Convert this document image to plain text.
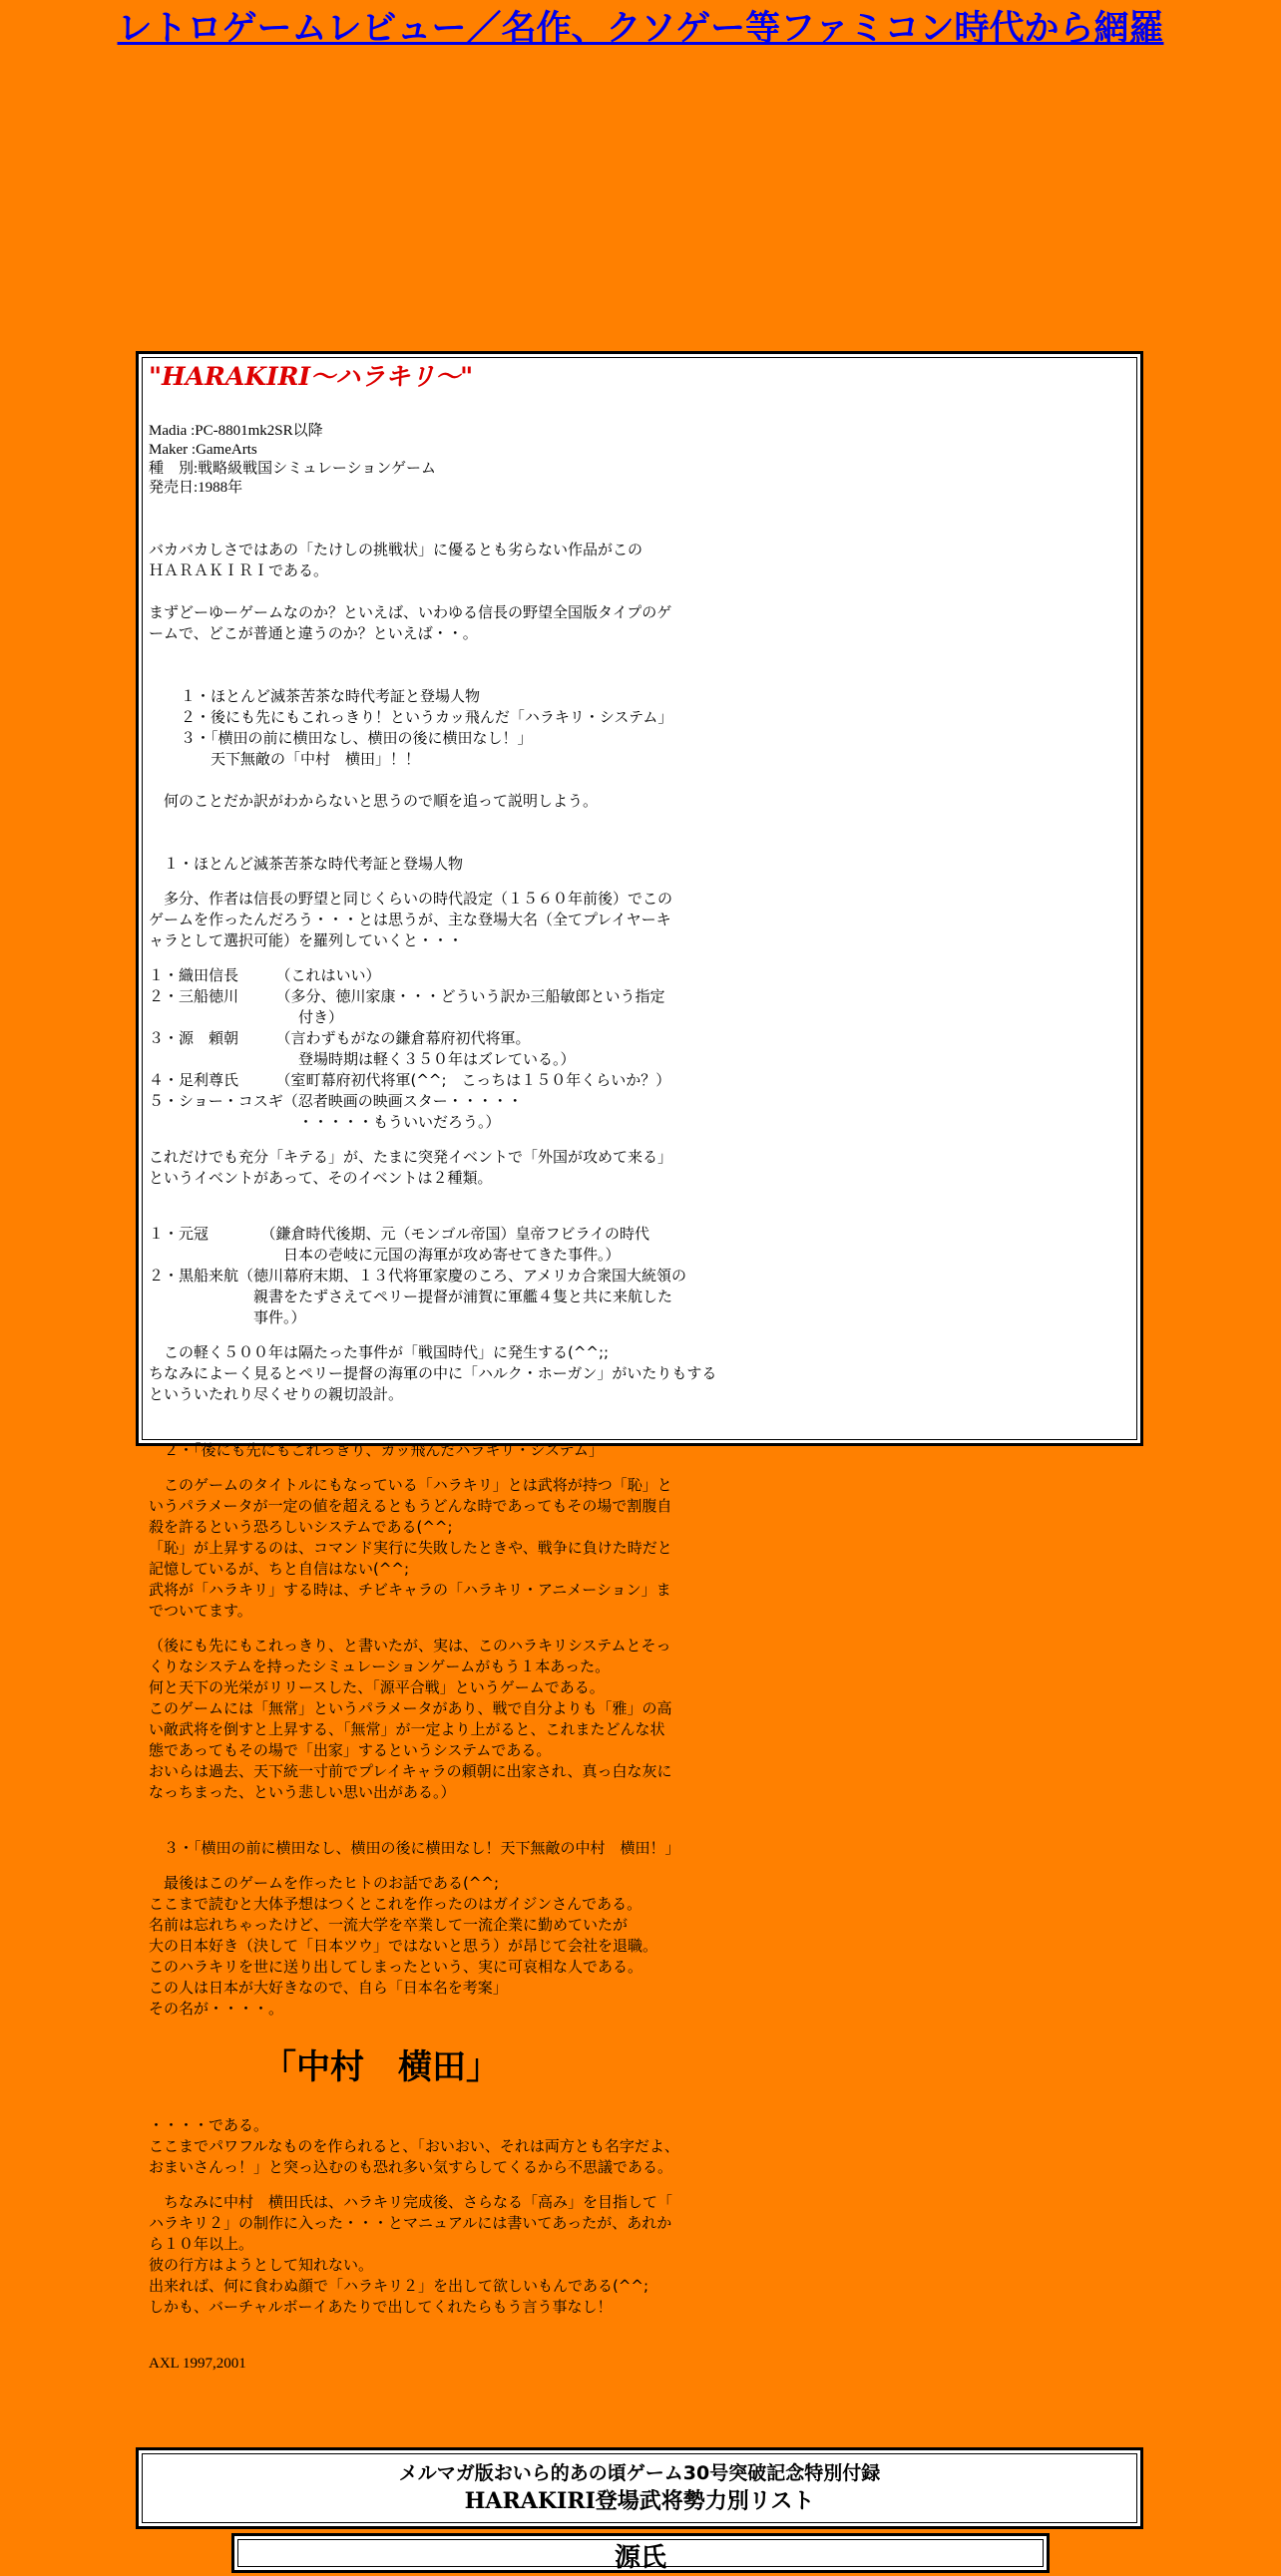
レトロゲームレビュー／名作、クソゲー等ファミコン時代から網羅
"HARAKIRI～ハラキリ～"
Madia :PC-8801mk2SR以降
Maker :GameArts
種　別:戦略級戦国シミュレーションゲーム
発売日:1988年
バカバカしさではあの「たけしの挑戦状」に優るとも劣らない作品がこの
ＨＡＲＡＫＩＲＩである。
まずどーゆーゲームなのか？といえば、いわゆる信長の野望全国版タイプのゲ
ームで、どこが普通と違うのか？といえば・・。
１・ほとんど滅茶苦茶な時代考証と登場人物
２・後にも先にもこれっきり！というカッ飛んだ「ハラキリ・システム」
３・「横田の前に横田なし、横田の後に横田なし！」
　　天下無敵の「中村　横田」！！
　何のことだか訳がわからないと思うので順を追って説明しよう。
　１・ほとんど滅茶苦茶な時代考証と登場人物
　多分、作者は信長の野望と同じくらいの時代設定（１５６０年前後）でこの
ゲームを作ったんだろう・・・とは思うが、主な登場大名（全てプレイヤーキ
ャラとして選択可能）を羅列していくと・・・
１・織田信長　　　（これはいい）
２・三船徳川　　　（多分、徳川家康・・・どういう訳か三船敏郎という指定
　　　　　　　　　　付き）
３・源　頼朝　　　（言わずもがなの鎌倉幕府初代将軍。
　　　　　　　　　　登場時期は軽く３５０年はズレている。）
４・足利尊氏　　　（室町幕府初代将軍(^^;　こっちは１５０年くらいか？）
５・ショー・コスギ（忍者映画の映画スター・・・・・
　　　　　　　　　　・・・・・もういいだろう。）
これだけでも充分「キテる」が、たまに突発イベントで「外国が攻めて来る」
というイベントがあって、そのイベントは２種類。
１・元冦　　　　（鎌倉時代後期、元（モンゴル帝国）皇帝フビライの時代
　　　　　　　　　日本の壱岐に元国の海軍が攻め寄せてきた事件。）
２・黒船来航（徳川幕府末期、１３代将軍家慶のころ、アメリカ合衆国大統領の
　　　　　　　親書をたずさえてペリー提督が浦賀に軍艦４隻と共に来航した
　　　　　　　事件。）
　この軽く５００年は隔たった事件が「戦国時代」に発生する(^^;;
ちなみによーく見るとペリー提督の海軍の中に「ハルク・ホーガン」がいたりもする
といういたれり尽くせりの親切設計。
　２・「後にも先にもこれっきり、カッ飛んだハラキリ・システム」
　このゲームのタイトルにもなっている「ハラキリ」とは武将が持つ「恥」と
いうパラメータが一定の値を超えるともうどんな時であってもその場で割腹自
殺を許るという恐ろしいシステムである(^^;
「恥」が上昇するのは、コマンド実行に失敗したときや、戦争に負けた時だと
記憶しているが、ちと自信はない(^^;
武将が「ハラキリ」する時は、チビキャラの「ハラキリ・アニメーション」ま
でついてます。
（後にも先にもこれっきり、と書いたが、実は、このハラキリシステムとそっ
くりなシステムを持ったシミュレーションゲームがもう１本あった。
何と天下の光栄がリリースした、「源平合戦」というゲームである。
このゲームには「無常」というパラメータがあり、戦で自分よりも「雅」の高
い敵武将を倒すと上昇する、「無常」が一定より上がると、これまたどんな状
態であってもその場で「出家」するというシステムである。
おいらは過去、天下統一寸前でプレイキャラの頼朝に出家され、真っ白な灰に
なっちまった、という悲しい思い出がある。）
　３・「横田の前に横田なし、横田の後に横田なし！天下無敵の中村　横田！」
　最後はこのゲームを作ったヒトのお話である(^^;
ここまで読むと大体予想はつくとこれを作ったのはガイジンさんである。
名前は忘れちゃったけど、一流大学を卒業して一流企業に勤めていたが
大の日本好き（決して「日本ツウ」ではないと思う）が昂じて会社を退職。
このハラキリを世に送り出してしまったという、実に可哀相な人である。
この人は日本が大好きなので、自ら「日本名を考案」
その名が・・・・。
「中村　横田」
・・・・である。
ここまでパワフルなものを作られると、「おいおい、それは両方とも名字だよ、
おまいさんっ！」と突っ込むのも恐れ多い気すらしてくるから不思議である。
　ちなみに中村　横田氏は、ハラキリ完成後、さらなる「高み」を目指して「
ハラキリ２」の制作に入った・・・とマニュアルには書いてあったが、あれか
ら１０年以上。
彼の行方はようとして知れない。
出来れば、何に食わぬ顔で「ハラキリ２」を出して欲しいもんである(^^;
しかも、バーチャルボーイあたりで出してくれたらもう言う事なし！
AXL 1997,2001
メルマガ版おいら的あの頃ゲーム30号突破記念特別付録
HARAKIRI登場武将勢力別リスト
源氏
